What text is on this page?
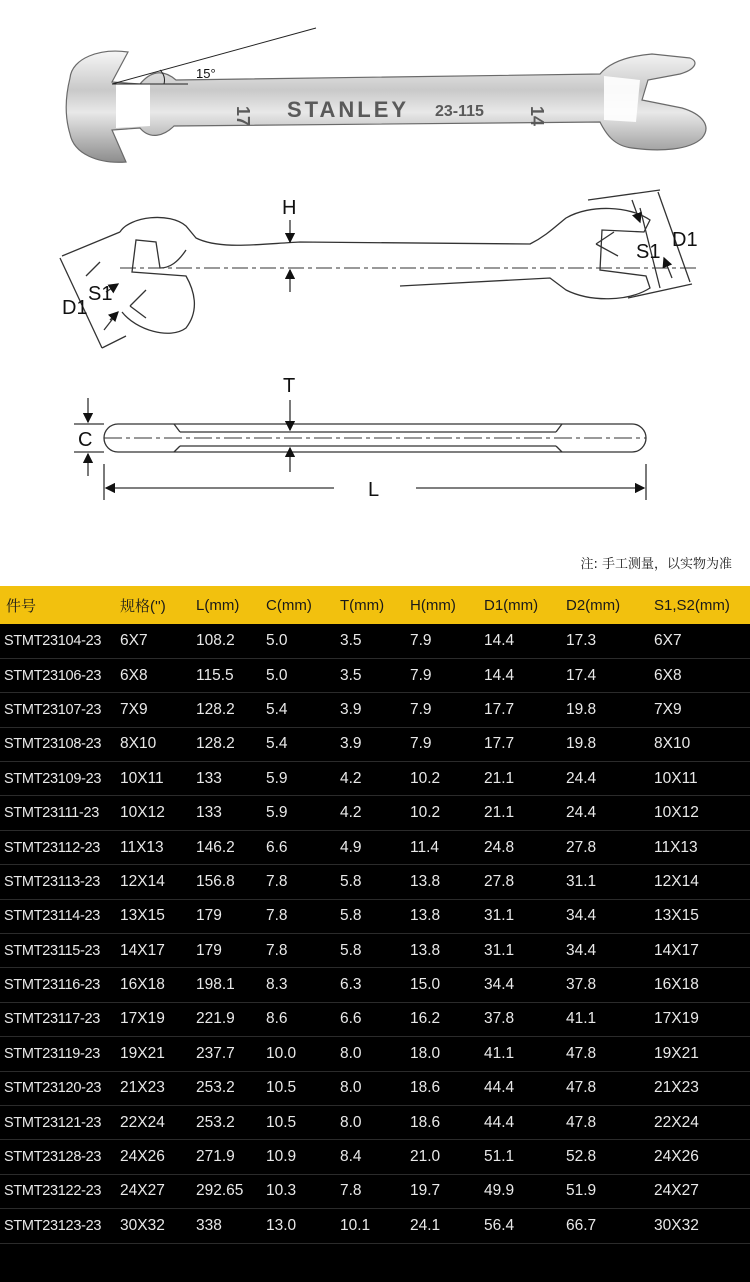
STANLEY 23-115
17	14
15°
H
S1
D1
S1
D1
T
C
L
注: 手工测量，以实物为准
件号	规格('')	L(mm)	C(mm)	T(mm)	H(mm)	D1(mm)	D2(mm)	S1,S2(mm)
STMT23104-23	6X7	108.2	5.0	3.5	7.9	14.4	17.3	6X7
STMT23106-23	6X8	115.5	5.0	3.5	7.9	14.4	17.4	6X8
STMT23107-23	7X9	128.2	5.4	3.9	7.9	17.7	19.8	7X9
STMT23108-23	8X10	128.2	5.4	3.9	7.9	17.7	19.8	8X10
STMT23109-23	10X11	133	5.9	4.2	10.2	21.1	24.4	10X11
STMT23111-23	10X12	133	5.9	4.2	10.2	21.1	24.4	10X12
STMT23112-23	11X13	146.2	6.6	4.9	11.4	24.8	27.8	11X13
STMT23113-23	12X14	156.8	7.8	5.8	13.8	27.8	31.1	12X14
STMT23114-23	13X15	179	7.8	5.8	13.8	31.1	34.4	13X15
STMT23115-23	14X17	179	7.8	5.8	13.8	31.1	34.4	14X17
STMT23116-23	16X18	198.1	8.3	6.3	15.0	34.4	37.8	16X18
STMT23117-23	17X19	221.9	8.6	6.6	16.2	37.8	41.1	17X19
STMT23119-23	19X21	237.7	10.0	8.0	18.0	41.1	47.8	19X21
STMT23120-23	21X23	253.2	10.5	8.0	18.6	44.4	47.8	21X23
STMT23121-23	22X24	253.2	10.5	8.0	18.6	44.4	47.8	22X24
STMT23128-23	24X26	271.9	10.9	8.4	21.0	51.1	52.8	24X26
STMT23122-23	24X27	292.65	10.3	7.8	19.7	49.9	51.9	24X27
STMT23123-23	30X32	338	13.0	10.1	24.1	56.4	66.7	30X32
